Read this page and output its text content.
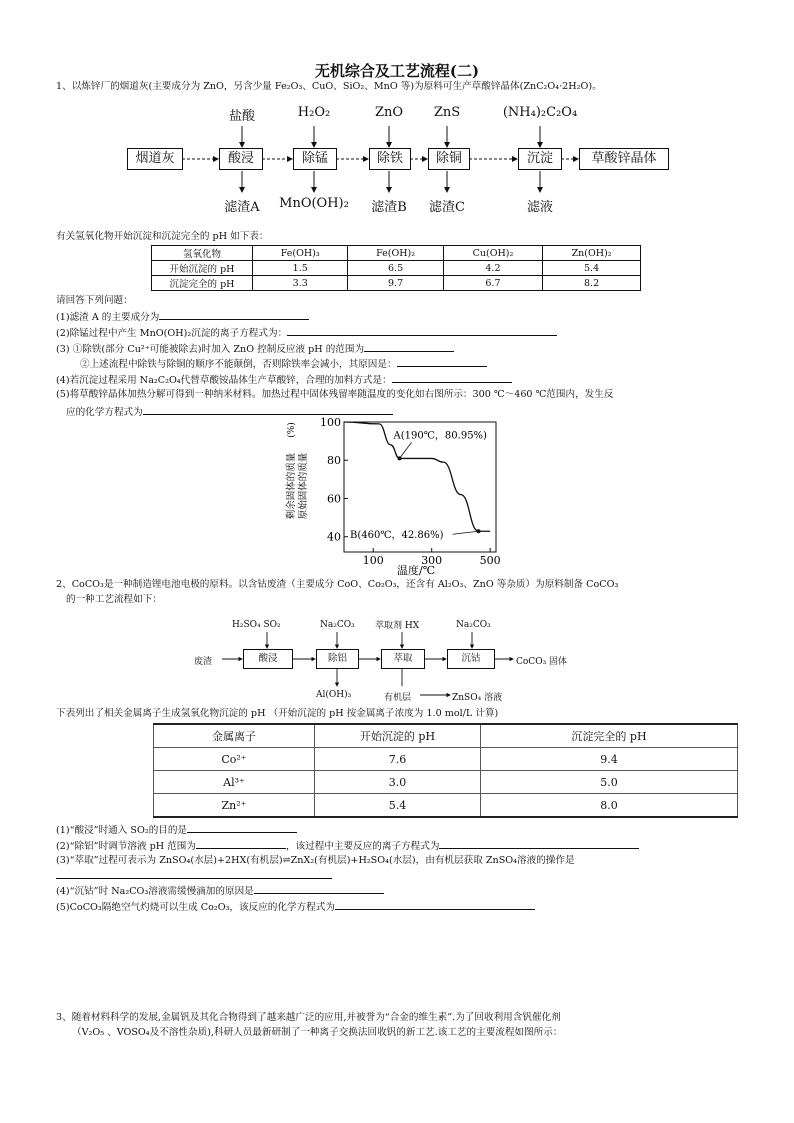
无机综合及工艺流程(二)
1、以炼锌厂的烟道灰(主要成分为 ZnO，另含少量 Fe₂O₃、CuO、SiO₂、MnO 等)为原料可生产草酸锌晶体(ZnC₂O₄·2H₂O)。
盐酸	H₂O₂	ZnO	ZnS	(NH₄)₂C₂O₄
烟道灰	酸浸	除锰	除铁	除铜	沉淀	草酸锌晶体
滤渣A	MnO(OH)₂	滤渣B	滤渣C	滤液
有关氢氧化物开始沉淀和沉淀完全的 pH 如下表：
氢氧化物	Fe(OH)₃	Fe(OH)₂	Cu(OH)₂	Zn(OH)₂
开始沉淀的 pH	1.5	6.5	4.2	5.4
沉淀完全的 pH	3.3	9.7	6.7	8.2
请回答下列问题：
(1)滤渣 A 的主要成分为
(2)除锰过程中产生 MnO(OH)₂沉淀的离子方程式为：
(3) ①除铁(部分 Cu²⁺可能被除去)时加入 ZnO 控制反应液 pH 的范围为
②上述流程中除铁与除铜的顺序不能颠倒，否则除铁率会减小，其原因是：
(4)若沉淀过程采用 Na₂C₂O₄代替草酸铵晶体生产草酸锌，合理的加料方式是：
(5)将草酸锌晶体加热分解可得到一种纳米材料。加热过程中固体残留率随温度的变化如右图所示：300 ℃～460 ℃范围内，发生反
应的化学方程式为
(%)
剩余固体的质量 原始固体的质量
温度/℃
100	300	500
100
80
60
40
A(190℃，80.95%)
B(460℃，42.86%)
2、CoCO₃是一种制造锂电池电极的原料。以含钴废渣（主要成分 CoO、Co₂O₃，还含有 Al₂O₃、ZnO 等杂质）为原料制备 CoCO₃
的一种工艺流程如下：
H₂SO₄ SO₂	Na₂CO₃ 萃取剂 HX	Na₂CO₃
废渣	酸浸	除铝	萃取	沉钴	CoCO₃ 固体
Al(OH)₃	有机层	ZnSO₄ 溶液
下表列出了相关金属离子生成氢氧化物沉淀的 pH （开始沉淀的 pH 按金属离子浓度为 1.0 mol/L 计算)
金属离子	开始沉淀的 pH	沉淀完全的 pH
Co²⁺	7.6	9.4
Al³⁺	3.0	5.0
Zn²⁺	5.4	8.0
(1)“酸浸”时通入 SO₂的目的是
(2)“除铝”时调节溶液 pH 范围为	，该过程中主要反应的离子方程式为
(3)“萃取”过程可表示为 ZnSO₄(水层)+2HX(有机层)⇌ZnX₂(有机层)+H₂SO₄(水层)，由有机层获取 ZnSO₄溶液的操作是
(4)“沉钴”时 Na₂CO₃溶液需缓慢滴加的原因是
(5)CoCO₃隔绝空气灼烧可以生成 Co₂O₃，该反应的化学方程式为
3、随着材料科学的发展,金属钒及其化合物得到了越来越广泛的应用,并被誉为“合金的维生素”.为了回收利用含钒催化剂
（V₂O₅ 、VOSO₄及不溶性杂质),科研人员最新研制了一种离子交换法回收钒的新工艺.该工艺的主要流程如图所示：
